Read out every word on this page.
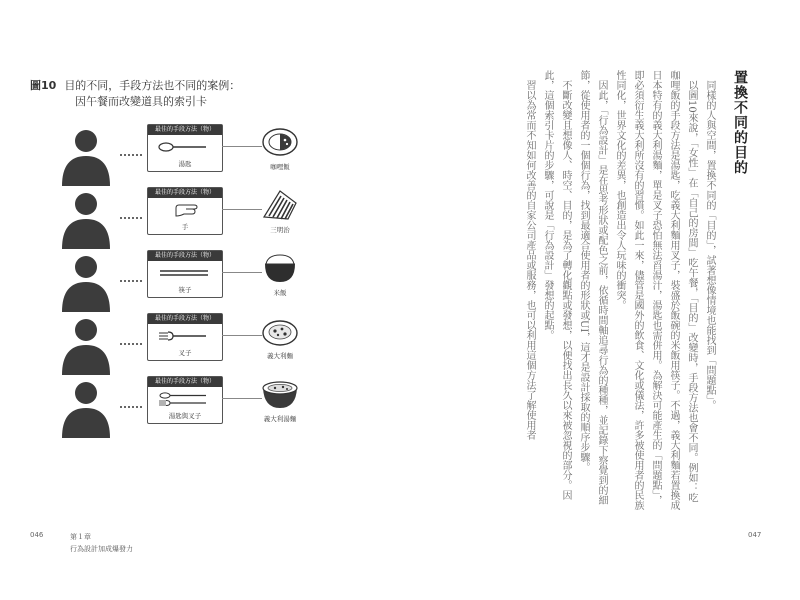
圖10 目的不同，手段方法也不同的案例：
因午餐而改變道具的索引卡
最佳的手段方法（物）
湯匙	咖哩飯
最佳的手段方法（物）
手	三明治
最佳的手段方法（物）
筷子	米飯
最佳的手段方法（物）
叉子	義大利麵
最佳的手段方法（物）
湯匙與叉子	義大利湯麵
046	第１章
行為設計加成爆發力
置換不同的目的

同樣的人與空間，置換不同的「目的」，試著想像情境也能找到「問題點」。

以圖10來說，「女性」在「自己的房間」吃午餐，「目的」改變時，手段方法也會不同。例如：吃咖哩飯的手段方法是湯匙，吃義大利麵用叉子，裝盛於飯碗的米飯用筷子。不過，義大利麵若置換成日本特有的義大利湯麵，單是叉子恐怕無法舀湯汁，湯匙也需併用。為解決可能產生的「問題點」，即必須衍生義大利所沒有的習慣。如此一來，儘管是國外的飲食、文化或儀法，許多被使用者的民族性同化，世界文化的差異，也創造出令人玩味的衝突。

因此，「行為設計」是在思考形狀或配色之前，依循時間軸追尋行為的種種，並記錄下察覺到的細節，從使用者的一個個行為，找到最適合使用者的形狀或UI，這才是設計採取的順序步驟。

不斷改變且想像人、時空、目的，是為了轉化觀點或發想，以便找出長久以來被忽視的部分。因此，這個索引卡片的步驟，可說是「行為設計」發想的起點。

習以為常而不知如何改善的自家公司產品或服務，也可以利用這個方法了解使用者

047
